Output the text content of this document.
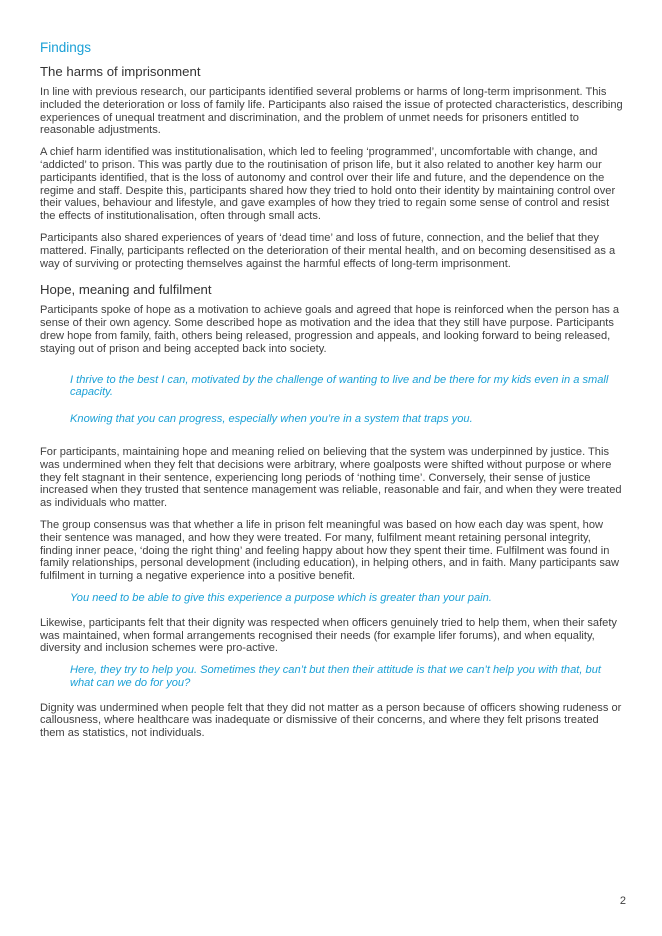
Findings
The harms of imprisonment

In line with previous research, our participants identified several problems or harms of long-term imprisonment. This included the deterioration or loss of family life. Participants also raised the issue of protected characteristics, describing experiences of unequal treatment and discrimination, and the problem of unmet needs for prisoners entitled to reasonable adjustments.

A chief harm identified was institutionalisation, which led to feeling ‘programmed’, uncomfortable with change, and ‘addicted’ to prison. This was partly due to the routinisation of prison life, but it also related to another key harm our participants identified, that is the loss of autonomy and control over their life and future, and the dependence on the regime and staff. Despite this, participants shared how they tried to hold onto their identity by maintaining control over their values, behaviour and lifestyle, and gave examples of how they tried to regain some sense of control and resist the effects of institutionalisation, often through small acts.

Participants also shared experiences of years of ‘dead time’ and loss of future, connection, and the belief that they mattered. Finally, participants reflected on the deterioration of their mental health, and on becoming desensitised as a way of surviving or protecting themselves against the harmful effects of long-term imprisonment.

Hope, meaning and fulfilment

Participants spoke of hope as a motivation to achieve goals and agreed that hope is reinforced when the person has a sense of their own agency. Some described hope as motivation and the idea that they still have purpose. Participants drew hope from family, faith, others being released, progression and appeals, and looking forward to being released, staying out of prison and being accepted back into society.

I thrive to the best I can, motivated by the challenge of wanting to live and be there for my kids even in a small capacity.

Knowing that you can progress, especially when you’re in a system that traps you.

For participants, maintaining hope and meaning relied on believing that the system was underpinned by justice. This was undermined when they felt that decisions were arbitrary, where goalposts were shifted without purpose or where they felt stagnant in their sentence, experiencing long periods of ‘nothing time’. Conversely, their sense of justice increased when they trusted that sentence management was reliable, reasonable and fair, and when they were treated as individuals who matter.

The group consensus was that whether a life in prison felt meaningful was based on how each day was spent, how their sentence was managed, and how they were treated. For many, fulfilment meant retaining personal integrity, finding inner peace, ‘doing the right thing’ and feeling happy about how they spent their time. Fulfilment was found in family relationships, personal development (including education), in helping others, and in faith. Many participants saw fulfilment in turning a negative experience into a positive benefit.

You need to be able to give this experience a purpose which is greater than your pain.

Likewise, participants felt that their dignity was respected when officers genuinely tried to help them, when their safety was maintained, when formal arrangements recognised their needs (for example lifer forums), and when equality, diversity and inclusion schemes were pro-active.

Here, they try to help you. Sometimes they can’t but then their attitude is that we can’t help you with that, but what can we do for you?

Dignity was undermined when people felt that they did not matter as a person because of officers showing rudeness or callousness, where healthcare was inadequate or dismissive of their concerns, and where they felt prisons treated them as statistics, not individuals.

2
